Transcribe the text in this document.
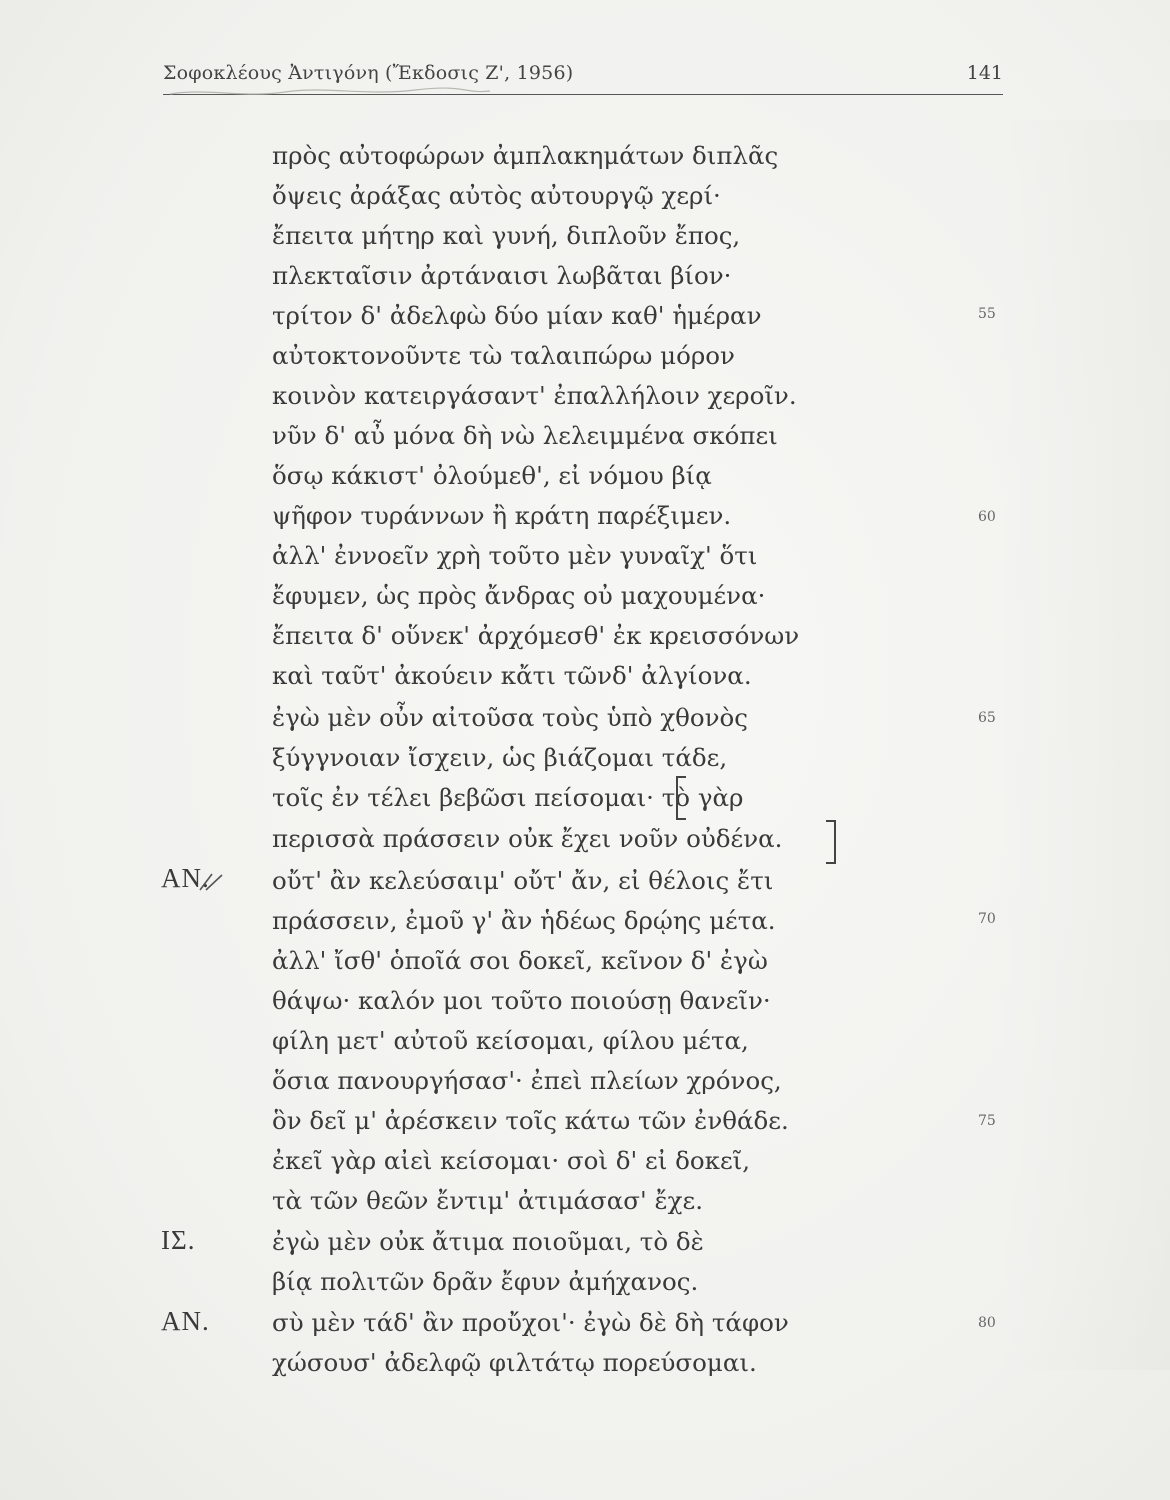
Σοφοκλέους Ἀντιγόνη (Ἔκδοσις Ζ', 1956)	141
πρὸς αὐτοφώρων ἀμπλακημάτων διπλᾶς
ὄψεις ἀράξας αὐτὸς αὐτουργῷ χερί·
ἔπειτα μήτηρ καὶ γυνή, διπλοῦν ἔπος,
πλεκταῖσιν ἀρτάναισι λωβᾶται βίον·
τρίτον δ' ἀδελφὼ δύο μίαν καθ' ἡμέραν	55
αὐτοκτονοῦντε τὼ ταλαιπώρω μόρον
κοινὸν κατειργάσαντ' ἐπαλλήλοιν χεροῖν.
νῦν δ' αὖ μόνα δὴ νὼ λελειμμένα σκόπει
ὅσῳ κάκιστ' ὀλούμεθ', εἰ νόμου βίᾳ
ψῆφον τυράννων ἢ κράτη παρέξιμεν.	60
ἀλλ' ἐννοεῖν χρὴ τοῦτο μὲν γυναῖχ' ὅτι
ἔφυμεν, ὡς πρὸς ἄνδρας οὐ μαχουμένα·
ἔπειτα δ' οὕνεκ' ἀρχόμεσθ' ἐκ κρεισσόνων
καὶ ταῦτ' ἀκούειν κἄτι τῶνδ' ἀλγίονα.
ἐγὼ μὲν οὖν αἰτοῦσα τοὺς ὑπὸ χθονὸς	65
ξύγγνοιαν ἴσχειν, ὡς βιάζομαι τάδε,
τοῖς ἐν τέλει βεβῶσι πείσομαι· τὸ γὰρ
περισσὰ πράσσειν οὐκ ἔχει νοῦν οὐδένα.
ΑΝ.	οὔτ' ἂν κελεύσαιμ' οὔτ' ἄν, εἰ θέλοις ἔτι
πράσσειν, ἐμοῦ γ' ἂν ἡδέως δρῴης μέτα.	70
ἀλλ' ἴσθ' ὁποῖά σοι δοκεῖ, κεῖνον δ' ἐγὼ
θάψω· καλόν μοι τοῦτο ποιούσῃ θανεῖν·
φίλη μετ' αὐτοῦ κείσομαι, φίλου μέτα,
ὅσια πανουργήσασ'· ἐπεὶ πλείων χρόνος,
ὃν δεῖ μ' ἀρέσκειν τοῖς κάτω τῶν ἐνθάδε.	75
ἐκεῖ γὰρ αἰεὶ κείσομαι· σοὶ δ' εἰ δοκεῖ,
τὰ τῶν θεῶν ἔντιμ' ἀτιμάσασ' ἔχε.
ΙΣ.	ἐγὼ μὲν οὐκ ἄτιμα ποιοῦμαι, τὸ δὲ
βίᾳ πολιτῶν δρᾶν ἔφυν ἀμήχανος.
ΑΝ.	σὺ μὲν τάδ' ἂν προὔχοι'· ἐγὼ δὲ δὴ τάφον	80
χώσουσ' ἀδελφῷ φιλτάτῳ πορεύσομαι.
